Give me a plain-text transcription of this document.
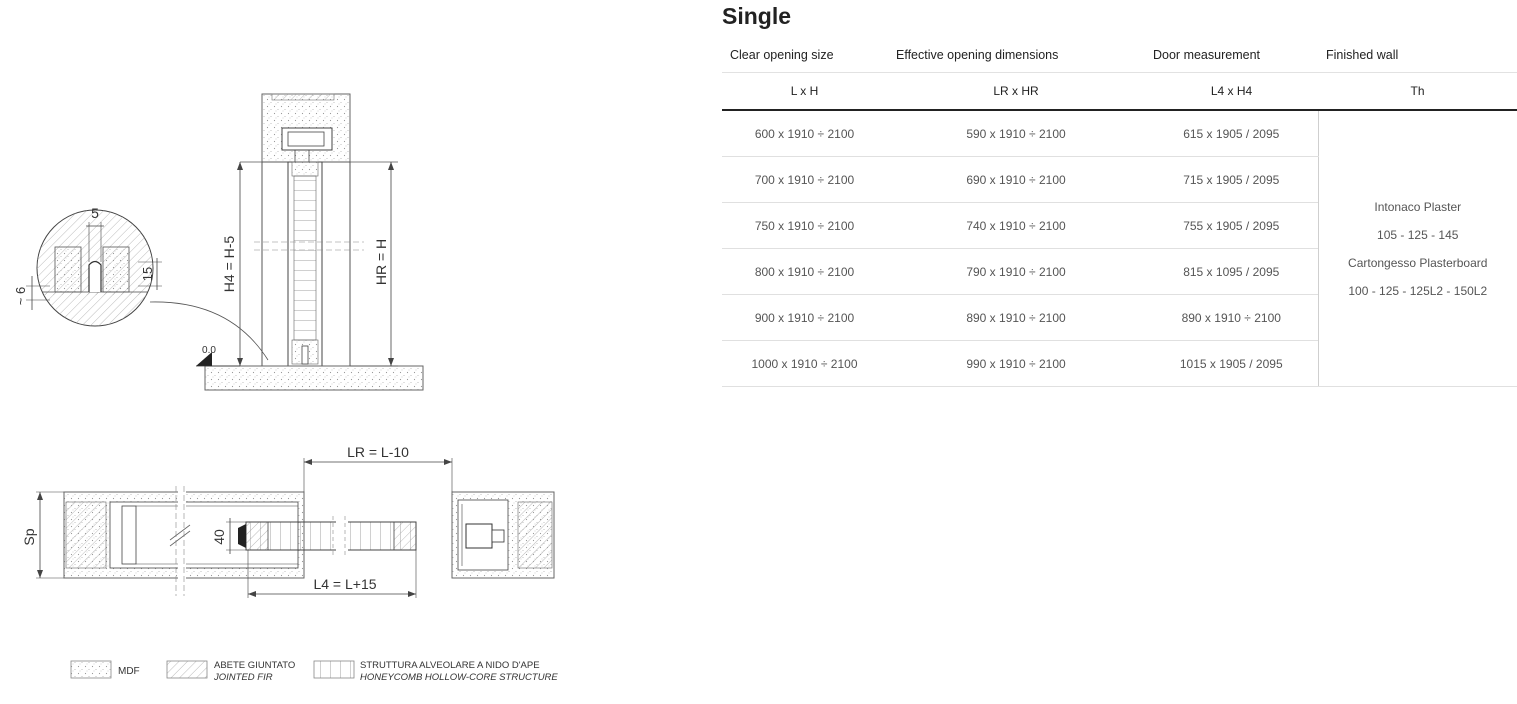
H4 = H-5	HR = H
0.0
5
15
~ 6
40
LR = L-10
L4 = L+15
Sp
MDF
ABETE GIUNTATO
JOINTED FIR
STRUTTURA ALVEOLARE A NIDO D'APE
HONEYCOMB HOLLOW-CORE STRUCTURE
Single
Clear opening size	Effective opening dimensions	Door measurement	Finished wall
L x H	LR x HR	L4 x H4	Th
600 x 1910 ÷ 2100	590 x 1910 ÷ 2100	615 x 1905 / 2095	Intonaco Plaster
105 - 125 - 145
Cartongesso Plasterboard
100 - 125 - 125L2 - 150L2

700 x 1910 ÷ 2100	690 x 1910 ÷ 2100	715 x 1905 / 2095	
750 x 1910 ÷ 2100	740 x 1910 ÷ 2100	755 x 1905 / 2095	
800 x 1910 ÷ 2100	790 x 1910 ÷ 2100	815 x 1095 / 2095	
900 x 1910 ÷ 2100	890 x 1910 ÷ 2100	890 x 1910 ÷ 2100	
1000 x 1910 ÷ 2100	990 x 1910 ÷ 2100	1015 x 1905 / 2095	
